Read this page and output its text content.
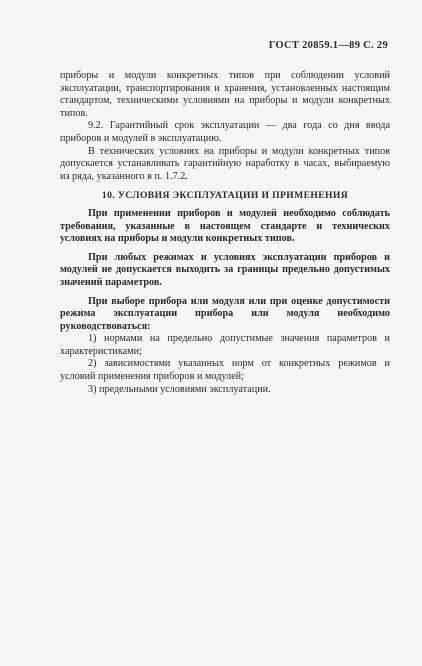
ГОСТ 20859.1—89 С. 29

приборы и модули конкретных типов при соблюдении условий эксплуатации, транспортирования и хранения, установленных настоящим стандартом, техническими условиями на приборы и модули конкретных типов.

9.2. Гарантийный срок эксплуатации — два года со дня ввода приборов и модулей в эксплуатацию.

В технических условиях на приборы и модули конкретных типов допускается устанавливать гарантийную наработку в часах, выбираемую из ряда, указанного в п. 1.7.2.

10. УСЛОВИЯ ЭКСПЛУАТАЦИИ И ПРИМЕНЕНИЯ

При применении приборов и модулей необходимо соблюдать требования, указанные в настоящем стандарте и технических условиях на приборы и модули конкретных типов.

При любых режимах и условиях эксплуатации приборов и модулей не допускается выходить за границы предельно допустимых значений параметров.

При выборе прибора или модуля или при оценке допустимости режима эксплуатации прибора или модуля необходимо руководствоваться:

1) нормами на предельно допустимые значения параметров и характеристиками;

2) зависимостями указанных норм от конкретных режимов и условий применения приборов и модулей;

3) предельными условиями эксплуатации.
